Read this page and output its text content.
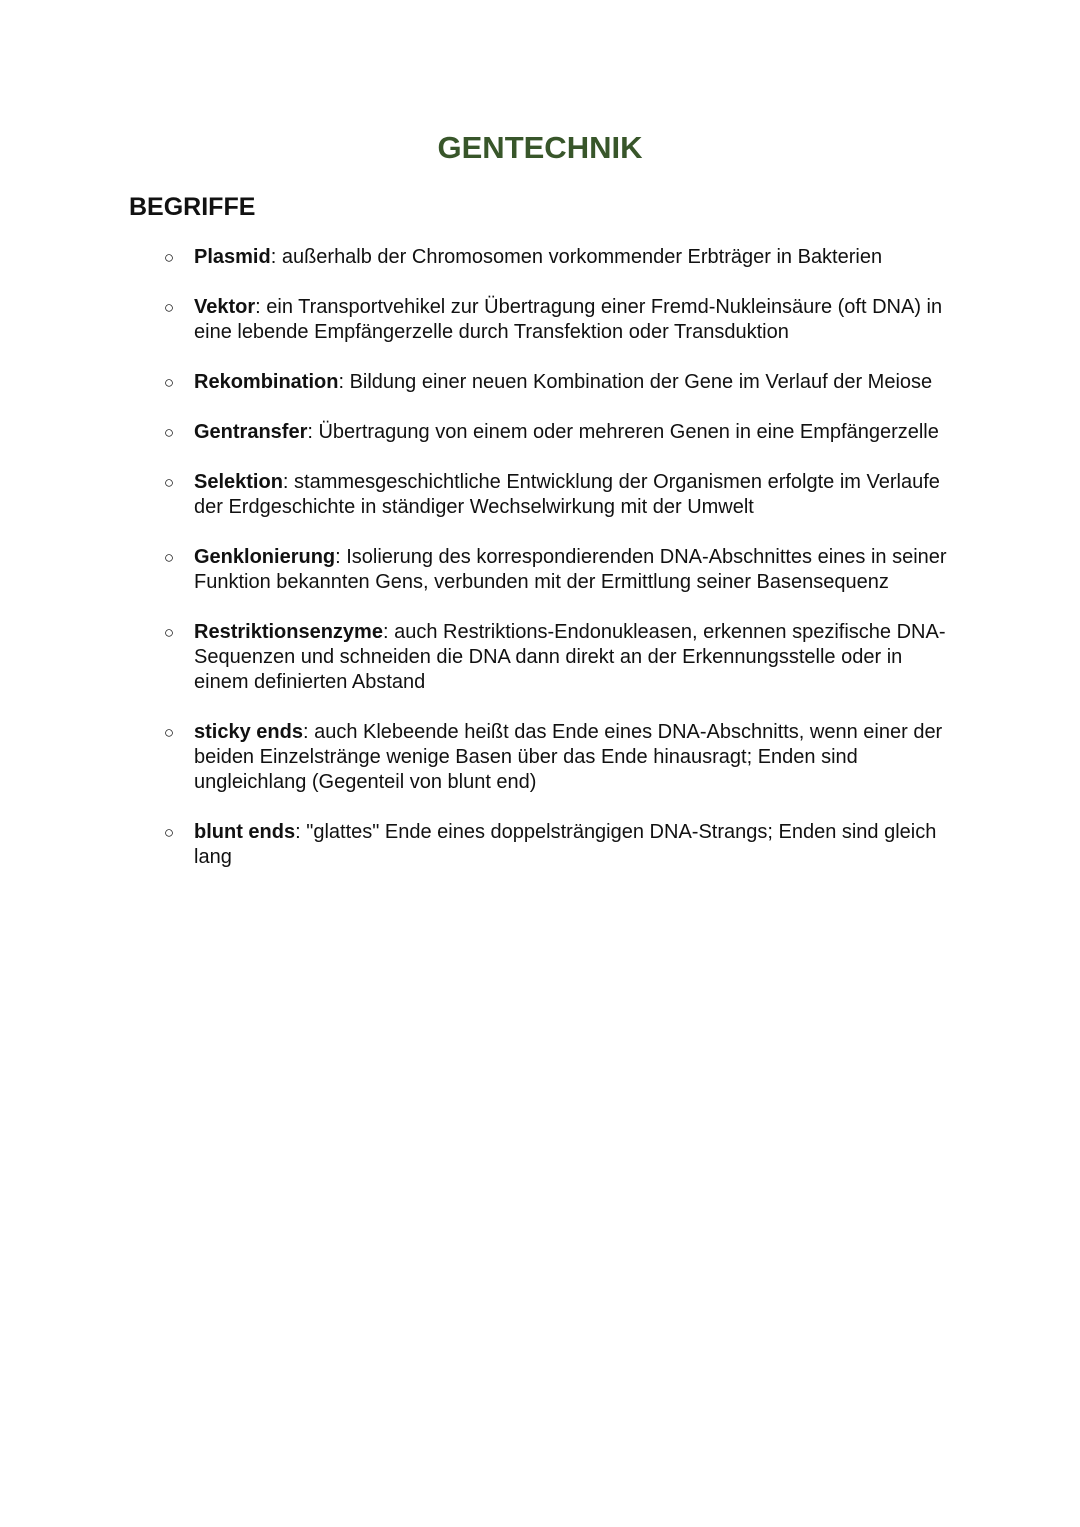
GENTECHNIK
BEGRIFFE
○ Plasmid: außerhalb der Chromosomen vorkommender Erbträger in Bakterien
○ Vektor: ein Transportvehikel zur Übertragung einer Fremd-Nukleinsäure (oft DNA) in eine lebende Empfängerzelle durch Transfektion oder Transduktion
○ Rekombination: Bildung einer neuen Kombination der Gene im Verlauf der Meiose
○ Gentransfer: Übertragung von einem oder mehreren Genen in eine Empfängerzelle
○ Selektion: stammesgeschichtliche Entwicklung der Organismen erfolgte im Verlaufe der Erdgeschichte in ständiger Wechselwirkung mit der Umwelt
○ Genklonierung: Isolierung des korrespondierenden DNA-Abschnittes eines in seiner Funktion bekannten Gens, verbunden mit der Ermittlung seiner Basensequenz
○ Restriktionsenzyme: auch Restriktions-Endonukleasen, erkennen spezifische DNA-Sequenzen und schneiden die DNA dann direkt an der Erkennungsstelle oder in einem definierten Abstand
○ sticky ends: auch Klebeende heißt das Ende eines DNA-Abschnitts, wenn einer der beiden Einzelstränge wenige Basen über das Ende hinausragt; Enden sind ungleichlang (Gegenteil von blunt end)
○ blunt ends: "glattes" Ende eines doppelsträngigen DNA-Strangs; Enden sind gleich lang
